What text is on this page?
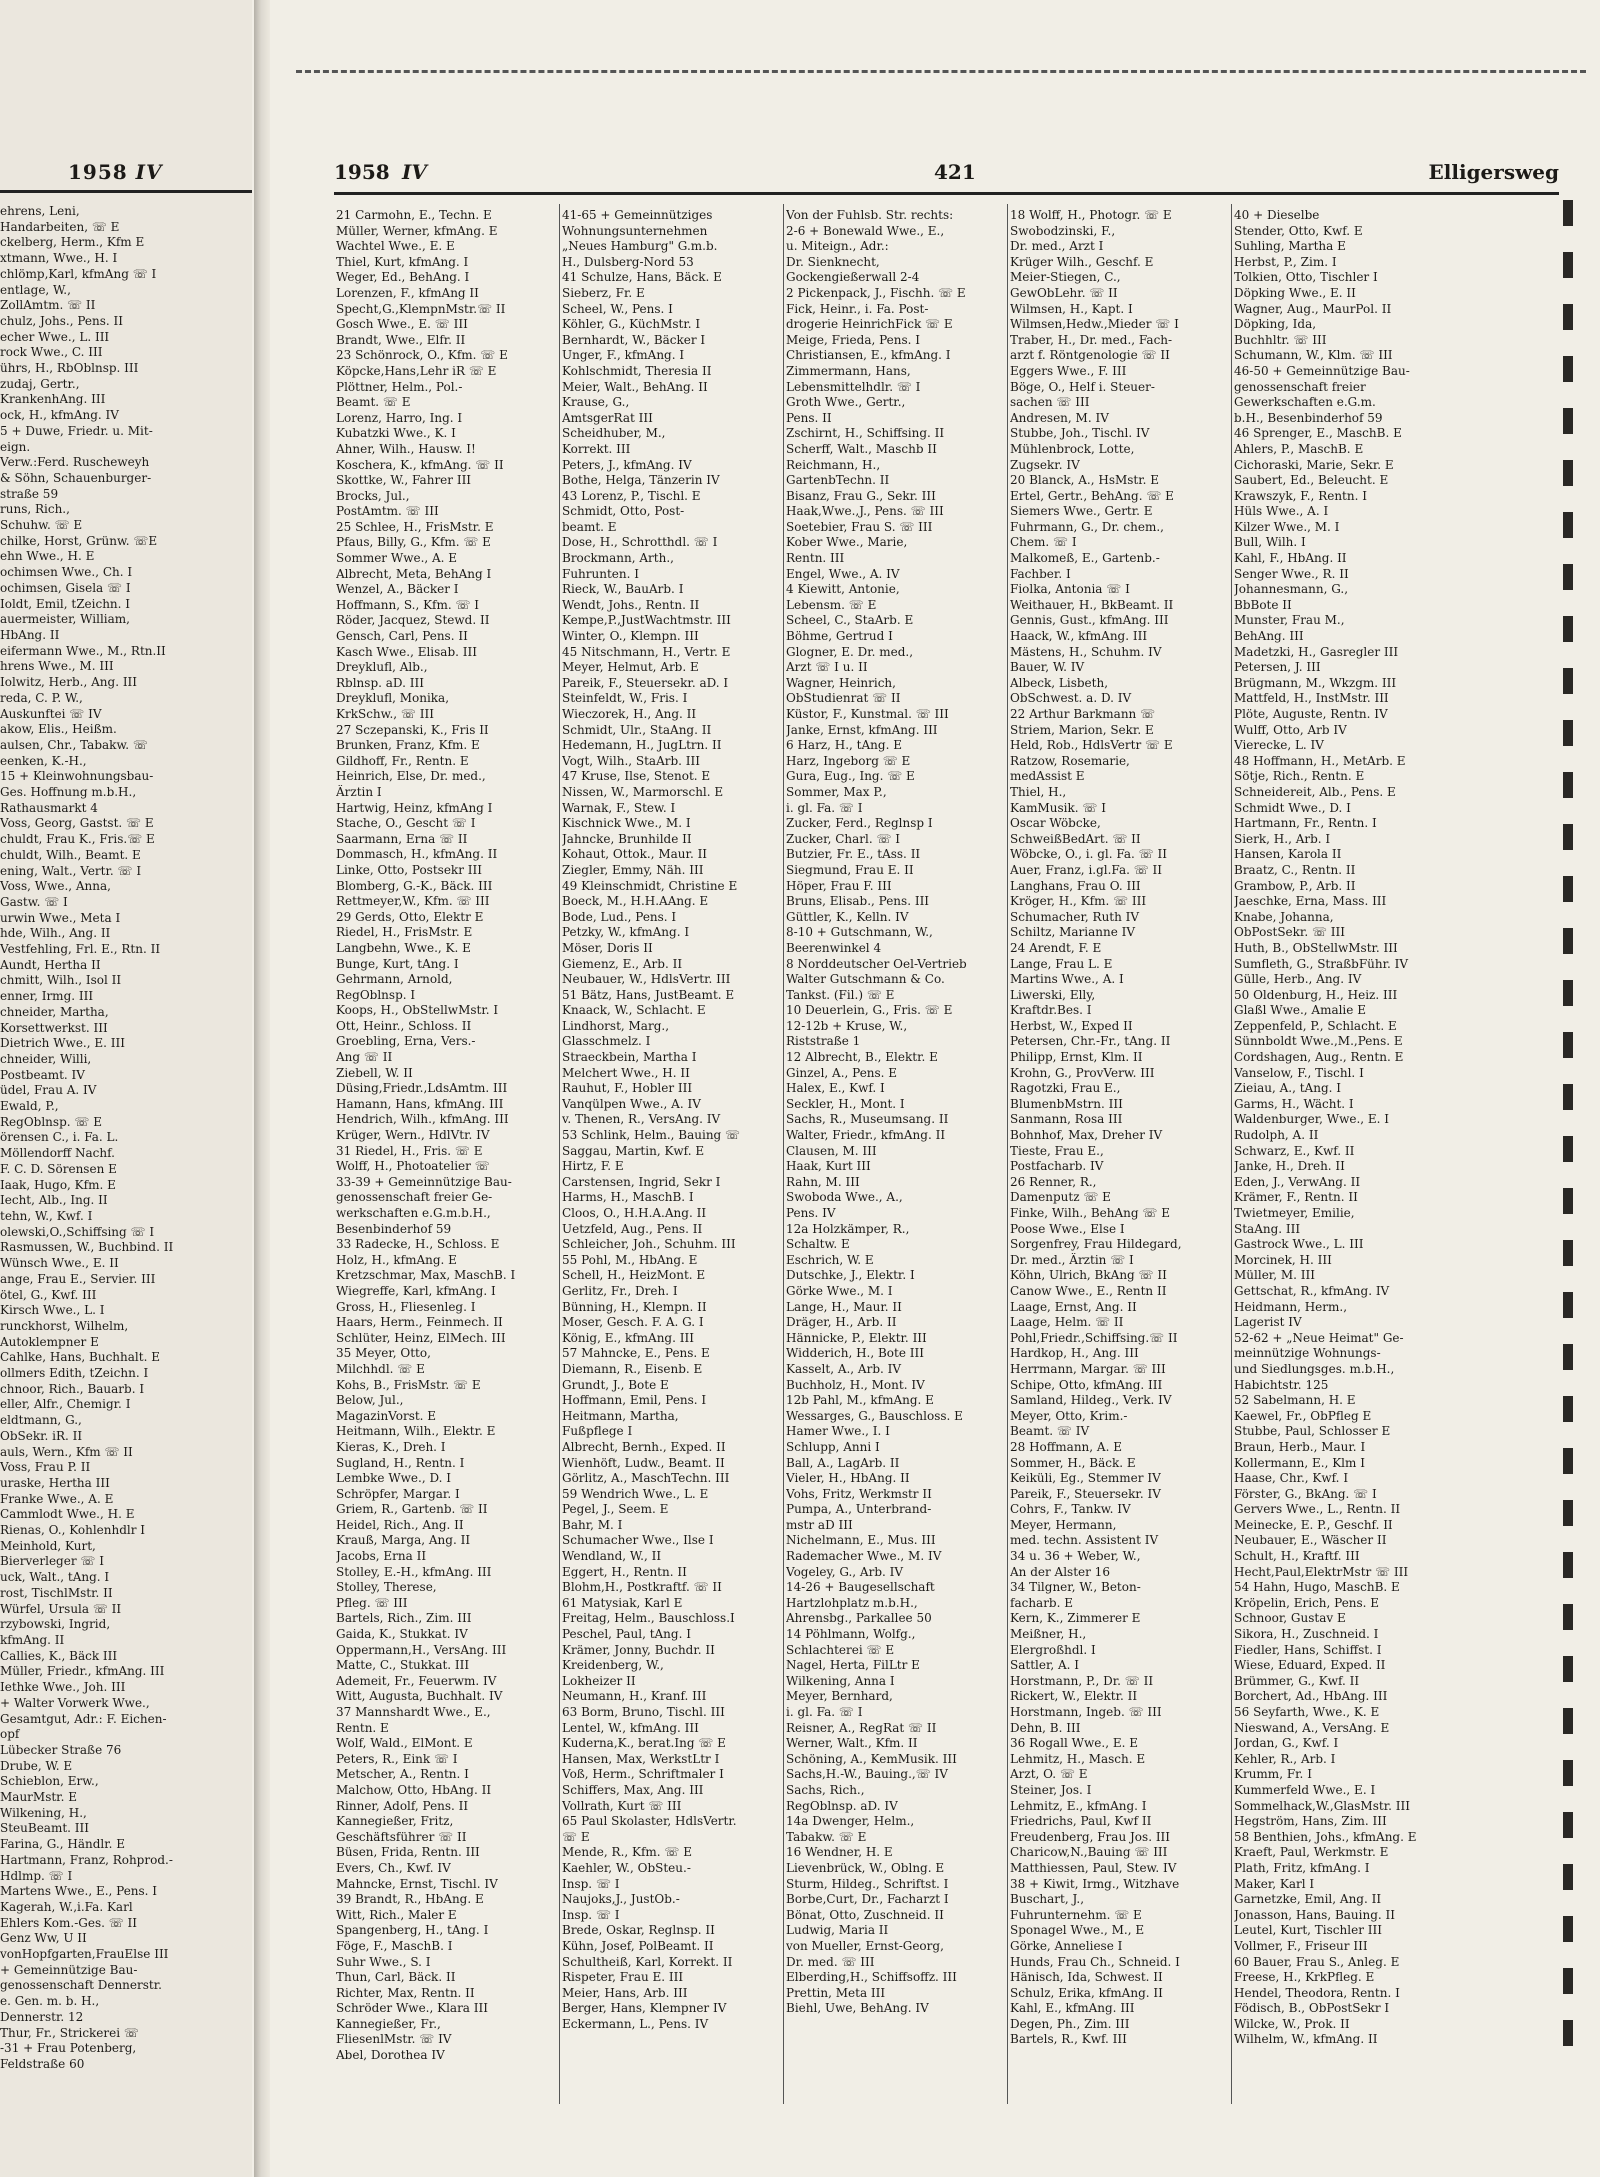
1958 IV
ehrens, Leni,
Handarbeiten, ☏ E
ckelberg, Herm., Kfm E
xtmann, Wwe., H. I
chlömp,Karl, kfmAng ☏ I
entlage, W.,
ZollAmtm. ☏ II
chulz, Johs., Pens. II
echer Wwe., L. III
rock Wwe., C. III
ührs, H., RbOblnsp. III
zudaj, Gertr.,
KrankenhAng. III
ock, H., kfmAng. IV
5 + Duwe, Friedr. u. Mit-
eign.
Verw.:Ferd. Ruscheweyh
& Söhn, Schauenburger-
straße 59
runs, Rich.,
Schuhw. ☏ E
chilke, Horst, Grünw. ☏E
ehn Wwe., H. E
ochimsen Wwe., Ch. I
ochimsen, Gisela ☏ I
Ioldt, Emil, tZeichn. I
auermeister, William,
HbAng. II
eifermann Wwe., M., Rtn.II
hrens Wwe., M. III
Iolwitz, Herb., Ang. III
reda, C. P. W.,
Auskunftei ☏ IV
akow, Elis., Heißm.
aulsen, Chr., Tabakw. ☏
eenken, K.-H.,
15 + Kleinwohnungsbau-
Ges. Hoffnung m.b.H.,
Rathausmarkt 4
Voss, Georg, Gastst. ☏ E
chuldt, Frau K., Fris.☏ E
chuldt, Wilh., Beamt. E
ening, Walt., Vertr. ☏ I
Voss, Wwe., Anna,
Gastw. ☏ I
urwin Wwe., Meta I
hde, Wilh., Ang. II
Vestfehling, Frl. E., Rtn. II
Aundt, Hertha II
chmitt, Wilh., Isol II
enner, Irmg. III
chneider, Martha,
Korsettwerkst. III
Dietrich Wwe., E. III
chneider, Willi,
Postbeamt. IV
üdel, Frau A. IV
Ewald, P.,
RegOblnsp. ☏ E
örensen C., i. Fa. L.
Möllendorff Nachf.
F. C. D. Sörensen E
Iaak, Hugo, Kfm. E
Iecht, Alb., Ing. II
tehn, W., Kwf. I
olewski,O.,Schiffsing ☏ I
Rasmussen, W., Buchbind. II
Wünsch Wwe., E. II
ange, Frau E., Servier. III
ötel, G., Kwf. III
Kirsch Wwe., L. I
runckhorst, Wilhelm,
Autoklempner E
Cahlke, Hans, Buchhalt. E
ollmers Edith, tZeichn. I
chnoor, Rich., Bauarb. I
eller, Alfr., Chemigr. I
eldtmann, G.,
ObSekr. iR. II
auls, Wern., Kfm ☏ II
Voss, Frau P. II
uraske, Hertha III
Franke Wwe., A. E
Cammlodt Wwe., H. E
Rienas, O., Kohlenhdlr I
Meinhold, Kurt,
Bierverleger ☏ I
uck, Walt., tAng. I
rost, TischlMstr. II
Würfel, Ursula ☏ II
rzybowski, Ingrid,
kfmAng. II
Callies, K., Bäck III
Müller, Friedr., kfmAng. III
Iethke Wwe., Joh. III
+ Walter Vorwerk Wwe.,
Gesamtgut, Adr.: F. Eichen-
opf
Lübecker Straße 76
Drube, W. E
Schieblon, Erw.,
MaurMstr. E
Wilkening, H.,
SteuBeamt. III
Farina, G., Händlr. E
Hartmann, Franz, Rohprod.-
Hdlmp. ☏ I
Martens Wwe., E., Pens. I
Kagerah, W.,i.Fa. Karl
Ehlers Kom.-Ges. ☏ II
Genz Ww, U II
vonHopfgarten,FrauElse III
+ Gemeinnützige Bau-
genossenschaft Dennerstr.
e. Gen. m. b. H.,
Dennerstr. 12
Thur, Fr., Strickerei ☏
-31 + Frau Potenberg,
Feldstraße 60
1958 IV	421	Elligersweg
21 Carmohn, E., Techn. E
Müller, Werner, kfmAng. E
Wachtel Wwe., E. E
Thiel, Kurt, kfmAng. I
Weger, Ed., BehAng. I
Lorenzen, F., kfmAng II
Specht,G.,KlempnMstr.☏ II
Gosch Wwe., E. ☏ III
Brandt, Wwe., Elfr. II
23 Schönrock, O., Kfm. ☏ E
Köpcke,Hans,Lehr iR ☏ E
Plöttner, Helm., Pol.-
Beamt. ☏ E
Lorenz, Harro, Ing. I
Kubatzki Wwe., K. I
Ahner, Wilh., Hausw. I!
Koschera, K., kfmAng. ☏ II
Skottke, W., Fahrer III
Brocks, Jul.,
PostAmtm. ☏ III
25 Schlee, H., FrisMstr. E
Pfaus, Billy, G., Kfm. ☏ E
Sommer Wwe., A. E
Albrecht, Meta, BehAng I
Wenzel, A., Bäcker I
Hoffmann, S., Kfm. ☏ I
Röder, Jacquez, Stewd. II
Gensch, Carl, Pens. II
Kasch Wwe., Elisab. III
Dreyklufl, Alb.,
Rblnsp. aD. III
Dreyklufl, Monika,
KrkSchw., ☏ III
27 Sczepanski, K., Fris II
Brunken, Franz, Kfm. E
Gildhoff, Fr., Rentn. E
Heinrich, Else, Dr. med.,
Ärztin I
Hartwig, Heinz, kfmAng I
Stache, O., Gescht ☏ I
Saarmann, Erna ☏ II
Dommasch, H., kfmAng. II
Linke, Otto, Postsekr III
Blomberg, G.-K., Bäck. III
Rettmeyer,W., Kfm. ☏ III
29 Gerds, Otto, Elektr E
Riedel, H., FrisMstr. E
Langbehn, Wwe., K. E
Bunge, Kurt, tAng. I
Gehrmann, Arnold,
RegOblnsp. I
Koops, H., ObStellwMstr. I
Ott, Heinr., Schloss. II
Groebling, Erna, Vers.-
Ang ☏ II
Ziebell, W. II
Düsing,Friedr.,LdsAmtm. III
Hamann, Hans, kfmAng. III
Hendrich, Wilh., kfmAng. III
Krüger, Wern., HdlVtr. IV
31 Riedel, H., Fris. ☏ E
Wolff, H., Photoatelier ☏
33-39 + Gemeinnützige Bau-
genossenschaft freier Ge-
werkschaften e.G.m.b.H.,
Besenbinderhof 59
33 Radecke, H., Schloss. E
Holz, H., kfmAng. E
Kretzschmar, Max, MaschB. I
Wiegreffe, Karl, kfmAng. I
Gross, H., Fliesenleg. I
Haars, Herm., Feinmech. II
Schlüter, Heinz, ElMech. III
35 Meyer, Otto,
Milchhdl. ☏ E
Kohs, B., FrisMstr. ☏ E
Below, Jul.,
MagazinVorst. E
Heitmann, Wilh., Elektr. E
Kieras, K., Dreh. I
Sugland, H., Rentn. I
Lembke Wwe., D. I
Schröpfer, Margar. I
Griem, R., Gartenb. ☏ II
Heidel, Rich., Ang. II
Krauß, Marga, Ang. II
Jacobs, Erna II
Stolley, E.-H., kfmAng. III
Stolley, Therese,
Pfleg. ☏ III
Bartels, Rich., Zim. III
Gaida, K., Stukkat. IV
Oppermann,H., VersAng. III
Matte, C., Stukkat. III
Ademeit, Fr., Feuerwm. IV
Witt, Augusta, Buchhalt. IV
37 Mannshardt Wwe., E.,
Rentn. E
Wolf, Wald., ElMont. E
Peters, R., Eink ☏ I
Metscher, A., Rentn. I
Malchow, Otto, HbAng. II
Rinner, Adolf, Pens. II
Kannegießer, Fritz,
Geschäftsführer ☏ II
Büsen, Frida, Rentn. III
Evers, Ch., Kwf. IV
Mahncke, Ernst, Tischl. IV
39 Brandt, R., HbAng. E
Witt, Rich., Maler E
Spangenberg, H., tAng. I
Föge, F., MaschB. I
Suhr Wwe., S. I
Thun, Carl, Bäck. II
Richter, Max, Rentn. II
Schröder Wwe., Klara III
Kannegießer, Fr.,
FliesenlMstr. ☏ IV
Abel, Dorothea IV
41-65 + Gemeinnütziges
Wohnungsunternehmen
„Neues Hamburg" G.m.b.
H., Dulsberg-Nord 53
41 Schulze, Hans, Bäck. E
Sieberz, Fr. E
Scheel, W., Pens. I
Köhler, G., KüchMstr. I
Bernhardt, W., Bäcker I
Unger, F., kfmAng. I
Kohlschmidt, Theresia II
Meier, Walt., BehAng. II
Krause, G.,
AmtsgerRat III
Scheidhuber, M.,
Korrekt. III
Peters, J., kfmAng. IV
Bothe, Helga, Tänzerin IV
43 Lorenz, P., Tischl. E
Schmidt, Otto, Post-
beamt. E
Dose, H., Schrotthdl. ☏ I
Brockmann, Arth.,
Fuhrunten. I
Rieck, W., BauArb. I
Wendt, Johs., Rentn. II
Kempe,P.,JustWachtmstr. III
Winter, O., Klempn. III
45 Nitschmann, H., Vertr. E
Meyer, Helmut, Arb. E
Pareik, F., Steuersekr. aD. I
Steinfeldt, W., Fris. I
Wieczorek, H., Ang. II
Schmidt, Ulr., StaAng. II
Hedemann, H., JugLtrn. II
Vogt, Wilh., StaArb. III
47 Kruse, Ilse, Stenot. E
Nissen, W., Marmorschl. E
Warnak, F., Stew. I
Kischnick Wwe., M. I
Jahncke, Brunhilde II
Kohaut, Ottok., Maur. II
Ziegler, Emmy, Näh. III
49 Kleinschmidt, Christine E
Boeck, M., H.H.AAng. E
Bode, Lud., Pens. I
Petzky, W., kfmAng. I
Möser, Doris II
Giemenz, E., Arb. II
Neubauer, W., HdlsVertr. III
51 Bätz, Hans, JustBeamt. E
Knaack, W., Schlacht. E
Lindhorst, Marg.,
Glasschmelz. I
Straeckbein, Martha I
Melchert Wwe., H. II
Rauhut, F., Hobler III
Vanqülpen Wwe., A. IV
v. Thenen, R., VersAng. IV
53 Schlink, Helm., Bauing ☏
Saggau, Martin, Kwf. E
Hirtz, F. E
Carstensen, Ingrid, Sekr I
Harms, H., MaschB. I
Cloos, O., H.H.A.Ang. II
Uetzfeld, Aug., Pens. II
Schleicher, Joh., Schuhm. III
55 Pohl, M., HbAng. E
Schell, H., HeizMont. E
Gerlitz, Fr., Dreh. I
Bünning, H., Klempn. II
Moser, Gesch. F. A. G. I
König, E., kfmAng. III
57 Mahncke, E., Pens. E
Diemann, R., Eisenb. E
Grundt, J., Bote E
Hoffmann, Emil, Pens. I
Heitmann, Martha,
Fußpflege I
Albrecht, Bernh., Exped. II
Wienhöft, Ludw., Beamt. II
Görlitz, A., MaschTechn. III
59 Wendrich Wwe., L. E
Pegel, J., Seem. E
Bahr, M. I
Schumacher Wwe., Ilse I
Wendland, W., II
Eggert, H., Rentn. II
Blohm,H., Postkraftf. ☏ II
61 Matysiak, Karl E
Freitag, Helm., Bauschloss.I
Peschel, Paul, tAng. I
Krämer, Jonny, Buchdr. II
Kreidenberg, W.,
Lokheizer II
Neumann, H., Kranf. III
63 Borm, Bruno, Tischl. III
Lentel, W., kfmAng. III
Kuderna,K., berat.Ing ☏ E
Hansen, Max, WerkstLtr I
Voß, Herm., Schriftmaler I
Schiffers, Max, Ang. III
Vollrath, Kurt ☏ III
65 Paul Skolaster, HdlsVertr.
☏ E
Mende, R., Kfm. ☏ E
Kaehler, W., ObSteu.-
Insp. ☏ I
Naujoks,J., JustOb.-
Insp. ☏ I
Brede, Oskar, Reglnsp. II
Kühn, Josef, PolBeamt. II
Schultheiß, Karl, Korrekt. II
Rispeter, Frau E. III
Meier, Hans, Arb. III
Berger, Hans, Klempner IV
Eckermann, L., Pens. IV
Von der Fuhlsb. Str. rechts:
2-6 + Bonewald Wwe., E.,
u. Miteign., Adr.:
Dr. Sienknecht,
Gockengießerwall 2-4
2 Pickenpack, J., Fischh. ☏ E
Fick, Heinr., i. Fa. Post-
drogerie HeinrichFick ☏ E
Meige, Frieda, Pens. I
Christiansen, E., kfmAng. I
Zimmermann, Hans,
Lebensmittelhdlr. ☏ I
Groth Wwe., Gertr.,
Pens. II
Zschirnt, H., Schiffsing. II
Scherff, Walt., Maschb II
Reichmann, H.,
GartenbTechn. II
Bisanz, Frau G., Sekr. III
Haak,Wwe.,J., Pens. ☏ III
Soetebier, Frau S. ☏ III
Kober Wwe., Marie,
Rentn. III
Engel, Wwe., A. IV
4 Kiewitt, Antonie,
Lebensm. ☏ E
Scheel, C., StaArb. E
Böhme, Gertrud I
Glogner, E. Dr. med.,
Arzt ☏ I u. II
Wagner, Heinrich,
ObStudienrat ☏ II
Küstor, F., Kunstmal. ☏ III
Janke, Ernst, kfmAng. III
6 Harz, H., tAng. E
Harz, Ingeborg ☏ E
Gura, Eug., Ing. ☏ E
Sommer, Max P.,
i. gl. Fa. ☏ I
Zucker, Ferd., Reglnsp I
Zucker, Charl. ☏ I
Butzier, Fr. E., tAss. II
Siegmund, Frau E. II
Höper, Frau F. III
Bruns, Elisab., Pens. III
Güttler, K., Kelln. IV
8-10 + Gutschmann, W.,
Beerenwinkel 4
8 Norddeutscher Oel-Vertrieb
Walter Gutschmann & Co.
Tankst. (Fil.) ☏ E
10 Deuerlein, G., Fris. ☏ E
12-12b + Kruse, W.,
Riststraße 1
12 Albrecht, B., Elektr. E
Ginzel, A., Pens. E
Halex, E., Kwf. I
Seckler, H., Mont. I
Sachs, R., Museumsang. II
Walter, Friedr., kfmAng. II
Clausen, M. III
Haak, Kurt III
Rahn, M. III
Swoboda Wwe., A.,
Pens. IV
12a Holzkämper, R.,
Schaltw. E
Eschrich, W. E
Dutschke, J., Elektr. I
Görke Wwe., M. I
Lange, H., Maur. II
Dräger, H., Arb. II
Hännicke, P., Elektr. III
Widderich, H., Bote III
Kasselt, A., Arb. IV
Buchholz, H., Mont. IV
12b Pahl, M., kfmAng. E
Wessarges, G., Bauschloss. E
Hamer Wwe., I. I
Schlupp, Anni I
Ball, A., LagArb. II
Vieler, H., HbAng. II
Vohs, Fritz, Werkmstr II
Pumpa, A., Unterbrand-
mstr aD III
Nichelmann, E., Mus. III
Rademacher Wwe., M. IV
Vogeley, G., Arb. IV
14-26 + Baugesellschaft
Hartzlohplatz m.b.H.,
Ahrensbg., Parkallee 50
14 Pöhlmann, Wolfg.,
Schlachterei ☏ E
Nagel, Herta, FilLtr E
Wilkening, Anna I
Meyer, Bernhard,
i. gl. Fa. ☏ I
Reisner, A., RegRat ☏ II
Werner, Walt., Kfm. II
Schöning, A., KemMusik. III
Sachs,H.-W., Bauing.,☏ IV
Sachs, Rich.,
RegOblnsp. aD. IV
14a Dwenger, Helm.,
Tabakw. ☏ E
16 Wendner, H. E
Lievenbrück, W., Oblng. E
Sturm, Hildeg., Schriftst. I
Borbe,Curt, Dr., Facharzt I
Bönat, Otto, Zuschneid. II
Ludwig, Maria II
von Mueller, Ernst-Georg,
Dr. med. ☏ III
Elberding,H., Schiffsoffz. III
Prettin, Meta III
Biehl, Uwe, BehAng. IV
18 Wolff, H., Photogr. ☏ E
Swobodzinski, F.,
Dr. med., Arzt I
Krüger Wilh., Geschf. E
Meier-Stiegen, C.,
GewObLehr. ☏ II
Wilmsen, H., Kapt. I
Wilmsen,Hedw.,Mieder ☏ I
Traber, H., Dr. med., Fach-
arzt f. Röntgenologie ☏ II
Eggers Wwe., F. III
Böge, O., Helf i. Steuer-
sachen ☏ III
Andresen, M. IV
Stubbe, Joh., Tischl. IV
Mühlenbrock, Lotte,
Zugsekr. IV
20 Blanck, A., HsMstr. E
Ertel, Gertr., BehAng. ☏ E
Siemers Wwe., Gertr. E
Fuhrmann, G., Dr. chem.,
Chem. ☏ I
Malkomeß, E., Gartenb.-
Fachber. I
Fiolka, Antonia ☏ I
Weithauer, H., BkBeamt. II
Gennis, Gust., kfmAng. III
Haack, W., kfmAng. III
Mästens, H., Schuhm. IV
Bauer, W. IV
Albeck, Lisbeth,
ObSchwest. a. D. IV
22 Arthur Barkmann ☏
Striem, Marion, Sekr. E
Held, Rob., HdlsVertr ☏ E
Ratzow, Rosemarie,
medAssist E
Thiel, H.,
KamMusik. ☏ I
Oscar Wöbcke,
SchweißBedArt. ☏ II
Wöbcke, O., i. gl. Fa. ☏ II
Auer, Franz, i.gl.Fa. ☏ II
Langhans, Frau O. III
Kröger, H., Kfm. ☏ III
Schumacher, Ruth IV
Schiltz, Marianne IV
24 Arendt, F. E
Lange, Frau L. E
Martins Wwe., A. I
Liwerski, Elly,
Kraftdr.Bes. I
Herbst, W., Exped II
Petersen, Chr.-Fr., tAng. II
Philipp, Ernst, Klm. II
Krohn, G., ProvVerw. III
Ragotzki, Frau E.,
BlumenbMstrn. III
Sanmann, Rosa III
Bohnhof, Max, Dreher IV
Tieste, Frau E.,
Postfacharb. IV
26 Renner, R.,
Damenputz ☏ E
Finke, Wilh., BehAng ☏ E
Poose Wwe., Else I
Sorgenfrey, Frau Hildegard,
Dr. med., Ärztin ☏ I
Köhn, Ulrich, BkAng ☏ II
Canow Wwe., E., Rentn II
Laage, Ernst, Ang. II
Laage, Helm. ☏ II
Pohl,Friedr.,Schiffsing.☏ II
Hardkop, H., Ang. III
Herrmann, Margar. ☏ III
Schipe, Otto, kfmAng. III
Samland, Hildeg., Verk. IV
Meyer, Otto, Krim.-
Beamt. ☏ IV
28 Hoffmann, A. E
Sommer, H., Bäck. E
Keiküli, Eg., Stemmer IV
Pareik, F., Steuersekr. IV
Cohrs, F., Tankw. IV
Meyer, Hermann,
med. techn. Assistent IV
34 u. 36 + Weber, W.,
An der Alster 16
34 Tilgner, W., Beton-
facharb. E
Kern, K., Zimmerer E
Meißner, H.,
Elergroßhdl. I
Sattler, A. I
Horstmann, P., Dr. ☏ II
Rickert, W., Elektr. II
Horstmann, Ingeb. ☏ III
Dehn, B. III
36 Rogall Wwe., E. E
Lehmitz, H., Masch. E
Arzt, O. ☏ E
Steiner, Jos. I
Lehmitz, E., kfmAng. I
Friedrichs, Paul, Kwf II
Freudenberg, Frau Jos. III
Charicow,N.,Bauing ☏ III
Matthiessen, Paul, Stew. IV
38 + Kiwit, Irmg., Witzhave
Buschart, J.,
Fuhrunternehm. ☏ E
Sponagel Wwe., M., E
Görke, Anneliese I
Hunds, Frau Ch., Schneid. I
Hänisch, Ida, Schwest. II
Schulz, Erika, kfmAng. II
Kahl, E., kfmAng. III
Degen, Ph., Zim. III
Bartels, R., Kwf. III
40 + Dieselbe
Stender, Otto, Kwf. E
Suhling, Martha E
Herbst, P., Zim. I
Tolkien, Otto, Tischler I
Döpking Wwe., E. II
Wagner, Aug., MaurPol. II
Döpking, Ida,
Buchhltr. ☏ III
Schumann, W., Klm. ☏ III
46-50 + Gemeinnützige Bau-
genossenschaft freier
Gewerkschaften e.G.m.
b.H., Besenbinderhof 59
46 Sprenger, E., MaschB. E
Ahlers, P., MaschB. E
Cichoraski, Marie, Sekr. E
Saubert, Ed., Beleucht. E
Krawszyk, F., Rentn. I
Hüls Wwe., A. I
Kilzer Wwe., M. I
Bull, Wilh. I
Kahl, F., HbAng. II
Senger Wwe., R. II
Johannesmann, G.,
BbBote II
Munster, Frau M.,
BehAng. III
Madetzki, H., Gasregler III
Petersen, J. III
Brügmann, M., Wkzgm. III
Mattfeld, H., InstMstr. III
Plöte, Auguste, Rentn. IV
Wulff, Otto, Arb IV
Vierecke, L. IV
48 Hoffmann, H., MetArb. E
Sötje, Rich., Rentn. E
Schneidereit, Alb., Pens. E
Schmidt Wwe., D. I
Hartmann, Fr., Rentn. I
Sierk, H., Arb. I
Hansen, Karola II
Braatz, C., Rentn. II
Grambow, P., Arb. II
Jaeschke, Erna, Mass. III
Knabe, Johanna,
ObPostSekr. ☏ III
Huth, B., ObStellwMstr. III
Sumfleth, G., StraßbFühr. IV
Gülle, Herb., Ang. IV
50 Oldenburg, H., Heiz. III
Glaßl Wwe., Amalie E
Zeppenfeld, P., Schlacht. E
Sünnboldt Wwe.,M.,Pens. E
Cordshagen, Aug., Rentn. E
Vanselow, F., Tischl. I
Zieiau, A., tAng. I
Garms, H., Wächt. I
Waldenburger, Wwe., E. I
Rudolph, A. II
Schwarz, E., Kwf. II
Janke, H., Dreh. II
Eden, J., VerwAng. II
Krämer, F., Rentn. II
Twietmeyer, Emilie,
StaAng. III
Gastrock Wwe., L. III
Morcinek, H. III
Müller, M. III
Gettschat, R., kfmAng. IV
Heidmann, Herm.,
Lagerist IV
52-62 + „Neue Heimat" Ge-
meinnützige Wohnungs-
und Siedlungsges. m.b.H.,
Habichtstr. 125
52 Sabelmann, H. E
Kaewel, Fr., ObPfleg E
Stubbe, Paul, Schlosser E
Braun, Herb., Maur. I
Kollermann, E., Klm I
Haase, Chr., Kwf. I
Förster, G., BkAng. ☏ I
Gervers Wwe., L., Rentn. II
Meinecke, E. P., Geschf. II
Neubauer, E., Wäscher II
Schult, H., Kraftf. III
Hecht,Paul,ElektrMstr ☏ III
54 Hahn, Hugo, MaschB. E
Kröpelin, Erich, Pens. E
Schnoor, Gustav E
Sikora, H., Zuschneid. I
Fiedler, Hans, Schiffst. I
Wiese, Eduard, Exped. II
Brümmer, G., Kwf. II
Borchert, Ad., HbAng. III
56 Seyfarth, Wwe., K. E
Nieswand, A., VersAng. E
Jordan, G., Kwf. I
Kehler, R., Arb. I
Krumm, Fr. I
Kummerfeld Wwe., E. I
Sommelhack,W.,GlasMstr. III
Hegström, Hans, Zim. III
58 Benthien, Johs., kfmAng. E
Kraeft, Paul, Werkmstr. E
Plath, Fritz, kfmAng. I
Maker, Karl I
Garnetzke, Emil, Ang. II
Jonasson, Hans, Bauing. II
Leutel, Kurt, Tischler III
Vollmer, F., Friseur III
60 Bauer, Frau S., Anleg. E
Freese, H., KrkPfleg. E
Hendel, Theodora, Rentn. I
Födisch, B., ObPostSekr I
Wilcke, W., Prok. II
Wilhelm, W., kfmAng. II
